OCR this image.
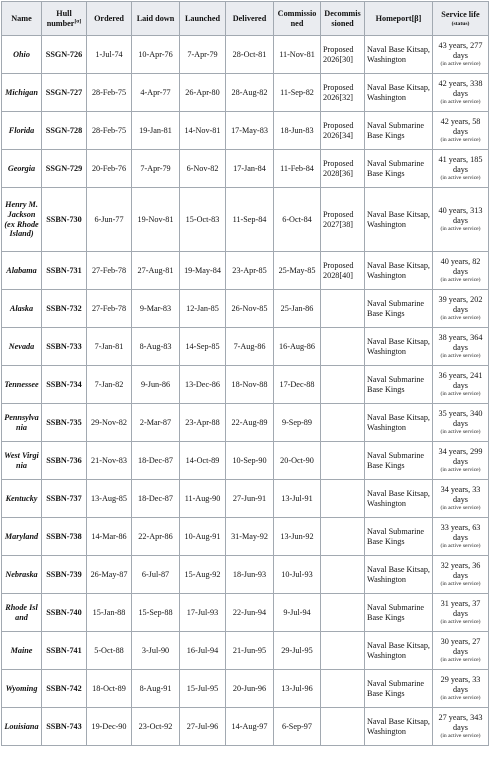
Name	Hull number[α]	Ordered	Laid down	Launched	Delivered	Commissioned	Decommissioned	Homeport[β]	Service life
(status)

Ohio	SSGN-726	1-Jul-74	10-Apr-76	7-Apr-79	28-Oct-81	11-Nov-81	Proposed 2026[30]	Naval Base Kitsap, Washington	43 years, 277 days
(in active service)

Michigan	SSGN-727	28-Feb-75	4-Apr-77	26-Apr-80	28-Aug-82	11-Sep-82	Proposed 2026[32]	Naval Base Kitsap, Washington	42 years, 338 days
(in active service)

Florida	SSGN-728	28-Feb-75	19-Jan-81	14-Nov-81	17-May-83	18-Jun-83	Proposed 2026[34]	Naval Submarine Base Kings	42 years, 58 days
(in active service)

Georgia	SSGN-729	20-Feb-76	7-Apr-79	6-Nov-82	17-Jan-84	11-Feb-84	Proposed 2028[36]	Naval Submarine Base Kings	41 years, 185 days
(in active service)

Henry M. Jackson (ex Rhode Island)	SSBN-730	6-Jun-77	19-Nov-81	15-Oct-83	11-Sep-84	6-Oct-84	Proposed 2027[38]	Naval Base Kitsap, Washington	40 years, 313 days
(in active service)

Alabama	SSBN-731	27-Feb-78	27-Aug-81	19-May-84	23-Apr-85	25-May-85	Proposed 2028[40]	Naval Base Kitsap, Washington	40 years, 82 days
(in active service)

Alaska	SSBN-732	27-Feb-78	9-Mar-83	12-Jan-85	26-Nov-85	25-Jan-86		Naval Submarine Base Kings	39 years, 202 days
(in active service)

Nevada	SSBN-733	7-Jan-81	8-Aug-83	14-Sep-85	7-Aug-86	16-Aug-86		Naval Base Kitsap, Washington	38 years, 364 days
(in active service)

Tennessee	SSBN-734	7-Jan-82	9-Jun-86	13-Dec-86	18-Nov-88	17-Dec-88		Naval Submarine Base Kings	36 years, 241 days
(in active service)

Pennsylvania	SSBN-735	29-Nov-82	2-Mar-87	23-Apr-88	22-Aug-89	9-Sep-89		Naval Base Kitsap, Washington	35 years, 340 days
(in active service)

West Virginia	SSBN-736	21-Nov-83	18-Dec-87	14-Oct-89	10-Sep-90	20-Oct-90		Naval Submarine Base Kings	34 years, 299 days
(in active service)

Kentucky	SSBN-737	13-Aug-85	18-Dec-87	11-Aug-90	27-Jun-91	13-Jul-91		Naval Base Kitsap, Washington	34 years, 33 days
(in active service)

Maryland	SSBN-738	14-Mar-86	22-Apr-86	10-Aug-91	31-May-92	13-Jun-92		Naval Submarine Base Kings	33 years, 63 days
(in active service)

Nebraska	SSBN-739	26-May-87	6-Jul-87	15-Aug-92	18-Jun-93	10-Jul-93		Naval Base Kitsap, Washington	32 years, 36 days
(in active service)

Rhode Island	SSBN-740	15-Jan-88	15-Sep-88	17-Jul-93	22-Jun-94	9-Jul-94		Naval Submarine Base Kings	31 years, 37 days
(in active service)

Maine	SSBN-741	5-Oct-88	3-Jul-90	16-Jul-94	21-Jun-95	29-Jul-95		Naval Base Kitsap, Washington	30 years, 27 days
(in active service)

Wyoming	SSBN-742	18-Oct-89	8-Aug-91	15-Jul-95	20-Jun-96	13-Jul-96		Naval Submarine Base Kings	29 years, 33 days
(in active service)

Louisiana	SSBN-743	19-Dec-90	23-Oct-92	27-Jul-96	14-Aug-97	6-Sep-97		Naval Base Kitsap, Washington	27 years, 343 days
(in active service)
